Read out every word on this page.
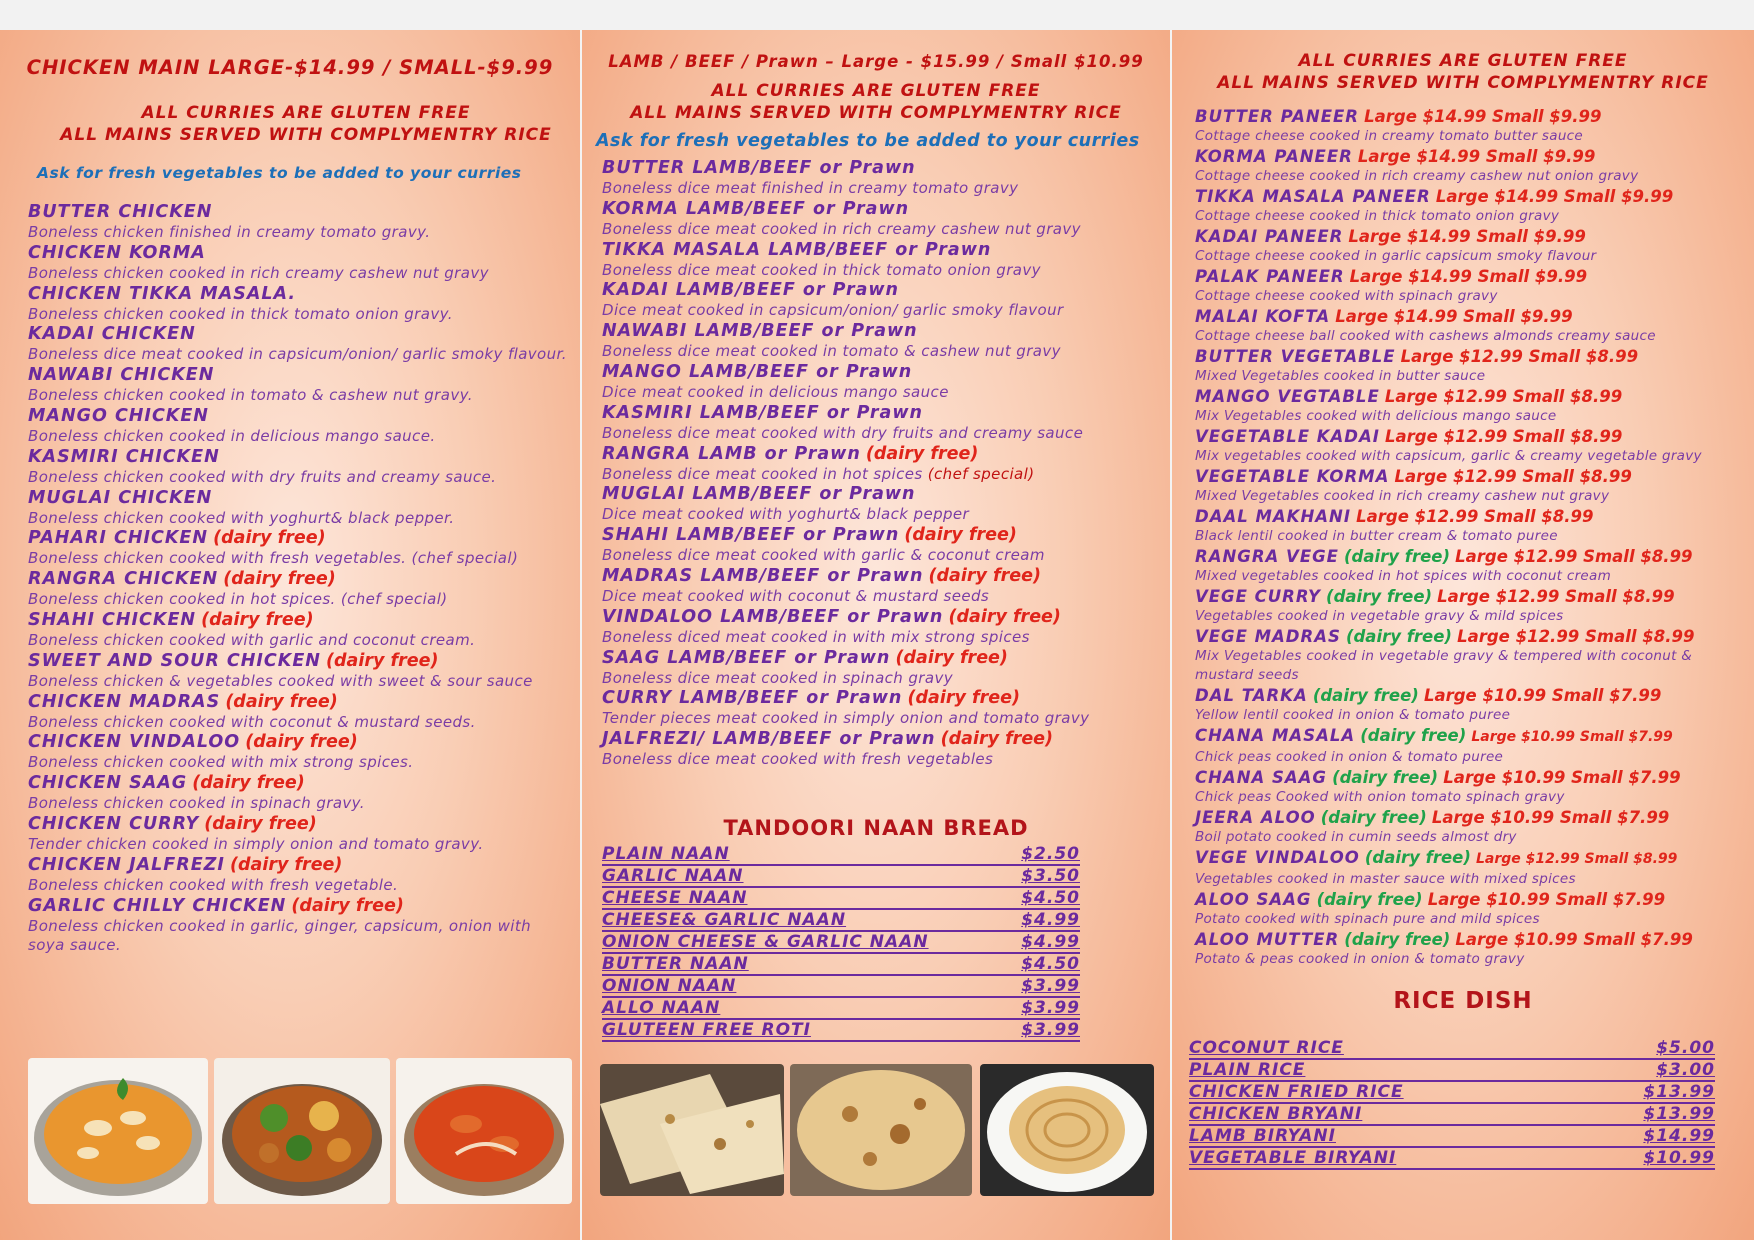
CHICKEN MAIN LARGE-$14.99 / SMALL-$9.99
ALL CURRIES ARE GLUTEN FREE
ALL MAINS SERVED WITH COMPLYMENTRY RICE
Ask for fresh vegetables to be added to your curries
BUTTER CHICKEN
Boneless chicken finished in creamy tomato gravy.
CHICKEN KORMA
Boneless chicken cooked in rich creamy cashew nut gravy
CHICKEN TIKKA MASALA.
Boneless chicken cooked in thick tomato onion gravy.
KADAI CHICKEN
Boneless dice meat cooked in capsicum/onion/ garlic smoky flavour.
NAWABI CHICKEN
Boneless chicken cooked in tomato & cashew nut gravy.
MANGO CHICKEN
Boneless chicken cooked in delicious mango sauce.
KASMIRI CHICKEN
Boneless chicken cooked with dry fruits and creamy sauce.
MUGLAI CHICKEN
Boneless chicken cooked with yoghurt& black pepper.
PAHARI CHICKEN (dairy free)
Boneless chicken cooked with fresh vegetables. (chef special)
RANGRA CHICKEN (dairy free)
Boneless chicken cooked in hot spices. (chef special)
SHAHI CHICKEN (dairy free)
Boneless chicken cooked with garlic and coconut cream.
SWEET AND SOUR CHICKEN (dairy free)
Boneless chicken & vegetables cooked with sweet & sour sauce
CHICKEN MADRAS (dairy free)
Boneless chicken cooked with coconut & mustard seeds.
CHICKEN VINDALOO (dairy free)
Boneless chicken cooked with mix strong spices.
CHICKEN SAAG (dairy free)
Boneless chicken cooked in spinach gravy.
CHICKEN CURRY (dairy free)
Tender chicken cooked in simply onion and tomato gravy.
CHICKEN JALFREZI (dairy free)
Boneless chicken cooked with fresh vegetable.
GARLIC CHILLY CHICKEN (dairy free)
Boneless chicken cooked in garlic, ginger, capsicum, onion with soya sauce.
LAMB / BEEF / Prawn – Large - $15.99 / Small $10.99
ALL CURRIES ARE GLUTEN FREE
ALL MAINS SERVED WITH COMPLYMENTRY RICE
Ask for fresh vegetables to be added to your curries
BUTTER LAMB/BEEF or Prawn
Boneless dice meat finished in creamy tomato gravy
KORMA LAMB/BEEF or Prawn
Boneless dice meat cooked in rich creamy cashew nut gravy
TIKKA MASALA LAMB/BEEF or Prawn
Boneless dice meat cooked in thick tomato onion gravy
KADAI LAMB/BEEF or Prawn
Dice meat cooked in capsicum/onion/ garlic smoky flavour
NAWABI LAMB/BEEF or Prawn
Boneless dice meat cooked in tomato & cashew nut gravy
MANGO LAMB/BEEF or Prawn
Dice meat cooked in delicious mango sauce
KASMIRI LAMB/BEEF or Prawn
Boneless dice meat cooked with dry fruits and creamy sauce
RANGRA LAMB or Prawn (dairy free)
Boneless dice meat cooked in hot spices (chef special)
MUGLAI LAMB/BEEF or Prawn
Dice meat cooked with yoghurt& black pepper
SHAHI LAMB/BEEF or Prawn (dairy free)
Boneless dice meat cooked with garlic & coconut cream
MADRAS LAMB/BEEF or Prawn (dairy free)
Dice meat cooked with coconut & mustard seeds
VINDALOO LAMB/BEEF or Prawn (dairy free)
Boneless diced meat cooked in with mix strong spices
SAAG LAMB/BEEF or Prawn (dairy free)
Boneless dice meat cooked in spinach gravy
CURRY LAMB/BEEF or Prawn (dairy free)
Tender pieces meat cooked in simply onion and tomato gravy
JALFREZI/ LAMB/BEEF or Prawn (dairy free)
Boneless dice meat cooked with fresh vegetables
TANDOORI NAAN BREAD
PLAIN NAAN	$2.50
GARLIC NAAN	$3.50
CHEESE NAAN	$4.50
CHEESE& GARLIC NAAN	$4.99
ONION CHEESE & GARLIC NAAN	$4.99
BUTTER NAAN	$4.50
ONION NAAN	$3.99
ALLO NAAN	$3.99
GLUTEEN FREE ROTI	$3.99
ALL CURRIES ARE GLUTEN FREE
ALL MAINS SERVED WITH COMPLYMENTRY RICE
BUTTER PANEER Large $14.99 Small $9.99
Cottage cheese cooked in creamy tomato butter sauce
KORMA PANEER Large $14.99 Small $9.99
Cottage cheese cooked in rich creamy cashew nut onion gravy
TIKKA MASALA PANEER Large $14.99 Small $9.99
Cottage cheese cooked in thick tomato onion gravy
KADAI PANEER Large $14.99 Small $9.99
Cottage cheese cooked in garlic capsicum smoky flavour
PALAK PANEER Large $14.99 Small $9.99
Cottage cheese cooked with spinach gravy
MALAI KOFTA Large $14.99 Small $9.99
Cottage cheese ball cooked with cashews almonds creamy sauce
BUTTER VEGETABLE Large $12.99 Small $8.99
Mixed Vegetables cooked in butter sauce
MANGO VEGTABLE Large $12.99 Small $8.99
Mix Vegetables cooked with delicious mango sauce
VEGETABLE KADAI Large $12.99 Small $8.99
Mix vegetables cooked with capsicum, garlic & creamy vegetable gravy
VEGETABLE KORMA Large $12.99 Small $8.99
Mixed Vegetables cooked in rich creamy cashew nut gravy
DAAL MAKHANI Large $12.99 Small $8.99
Black lentil cooked in butter cream & tomato puree
RANGRA VEGE (dairy free) Large $12.99 Small $8.99
Mixed vegetables cooked in hot spices with coconut cream
VEGE CURRY (dairy free) Large $12.99 Small $8.99
Vegetables cooked in vegetable gravy & mild spices
VEGE MADRAS (dairy free) Large $12.99 Small $8.99
Mix Vegetables cooked in vegetable gravy & tempered with coconut & mustard seeds
DAL TARKA (dairy free) Large $10.99 Small $7.99
Yellow lentil cooked in onion & tomato puree
CHANA MASALA (dairy free) Large $10.99 Small $7.99
Chick peas cooked in onion & tomato puree
CHANA SAAG (dairy free) Large $10.99 Small $7.99
Chick peas Cooked with onion tomato spinach gravy
JEERA ALOO (dairy free) Large $10.99 Small $7.99
Boil potato cooked in cumin seeds almost dry
VEGE VINDALOO (dairy free) Large $12.99 Small $8.99
Vegetables cooked in master sauce with mixed spices
ALOO SAAG (dairy free) Large $10.99 Small $7.99
Potato cooked with spinach pure and mild spices
ALOO MUTTER (dairy free) Large $10.99 Small $7.99
Potato & peas cooked in onion & tomato gravy
RICE DISH
COCONUT RICE	$5.00
PLAIN RICE	$3.00
CHICKEN FRIED RICE	$13.99
CHICKEN BRYANI	$13.99
LAMB BIRYANI	$14.99
VEGETABLE BIRYANI	$10.99
